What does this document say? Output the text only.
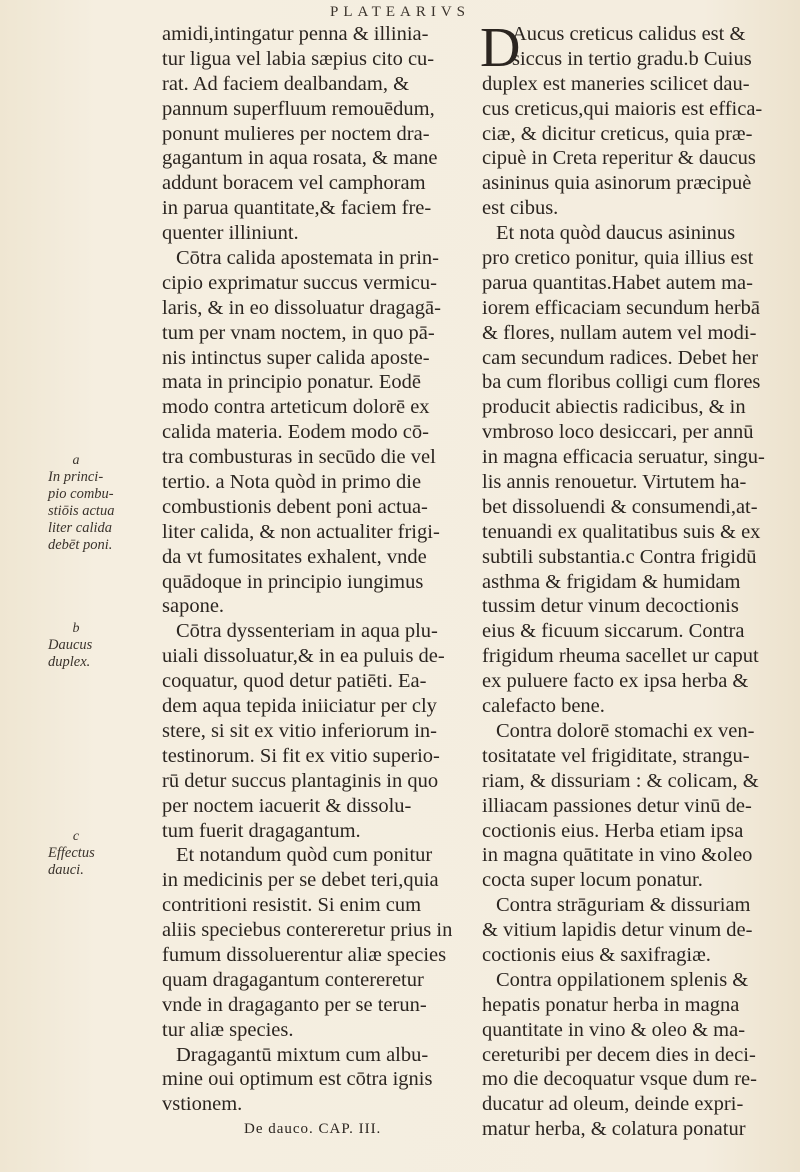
PLATEARIVS
a
In princi-
pio combu-
stiōis actua
liter calida
debēt poni.
b
Daucus
duplex.
c
Effectus
dauci.
amidi,intingatur penna & illinia-
tur ligua vel labia sæpius cito cu-
rat. Ad faciem dealbandam, &
pannum superfluum remouēdum,
ponunt mulieres per noctem dra-
gagantum in aqua rosata, & mane
addunt boracem vel camphoram
in parua quantitate,& faciem fre-
quenter illiniunt.
Cōtra calida apostemata in prin-
cipio exprimatur succus vermicu-
laris, & in eo dissoluatur dragagā-
tum per vnam noctem, in quo pā-
nis intinctus super calida aposte-
mata in principio ponatur. Eodē
modo contra arteticum dolorē ex
calida materia. Eodem modo cō-
tra combusturas in secūdo die vel
tertio. a Nota quòd in primo die
combustionis debent poni actua-
liter calida, & non actualiter frigi-
da vt fumositates exhalent, vnde
quādoque in principio iungimus
sapone.
Cōtra dyssenteriam in aqua plu-
uiali dissoluatur,& in ea puluis de-
coquatur, quod detur patiēti. Ea-
dem aqua tepida iniiciatur per cly
stere, si sit ex vitio inferiorum in-
testinorum. Si fit ex vitio superio-
rū detur succus plantaginis in quo
per noctem iacuerit & dissolu-
tum fuerit dragagantum.
Et notandum quòd cum ponitur
in medicinis per se debet teri,quia
contritioni resistit. Si enim cum
aliis speciebus contereretur prius in
fumum dissoluerentur aliæ species
quam dragagantum contereretur
vnde in dragaganto per se terun-
tur aliæ species.
Dragagantū mixtum cum albu-
mine oui optimum est cōtra ignis
vstionem.
De dauco. CAP. III.
D
Aucus creticus calidus est &
siccus in tertio gradu.b Cuius
duplex est maneries scilicet dau-
cus creticus,qui maioris est effica-
ciæ, & dicitur creticus, quia præ-
cipuè in Creta reperitur & daucus
asininus quia asinorum præcipuè
est cibus.
Et nota quòd daucus asininus
pro cretico ponitur, quia illius est
parua quantitas.Habet autem ma-
iorem efficaciam secundum herbā
& flores, nullam autem vel modi-
cam secundum radices. Debet her
ba cum floribus colligi cum flores
producit abiectis radicibus, & in
vmbroso loco desiccari, per annū
in magna efficacia seruatur, singu-
lis annis renouetur. Virtutem ha-
bet dissoluendi & consumendi,at-
tenuandi ex qualitatibus suis & ex
subtili substantia.c Contra frigidū
asthma & frigidam & humidam
tussim detur vinum decoctionis
eius & ficuum siccarum. Contra
frigidum rheuma sacellet ur caput
ex puluere facto ex ipsa herba &
calefacto bene.
Contra dolorē stomachi ex ven-
tositatate vel frigiditate, strangu-
riam, & dissuriam : & colicam, &
illiacam passiones detur vinū de-
coctionis eius. Herba etiam ipsa
in magna quātitate in vino &oleo
cocta super locum ponatur.
Contra strāguriam & dissuriam
& vitium lapidis detur vinum de-
coctionis eius & saxifragiæ.
Contra oppilationem splenis &
hepatis ponatur herba in magna
quantitate in vino & oleo & ma-
cereturibi per decem dies in deci-
mo die decoquatur vsque dum re-
ducatur ad oleum, deinde expri-
matur herba, & colatura ponatur
